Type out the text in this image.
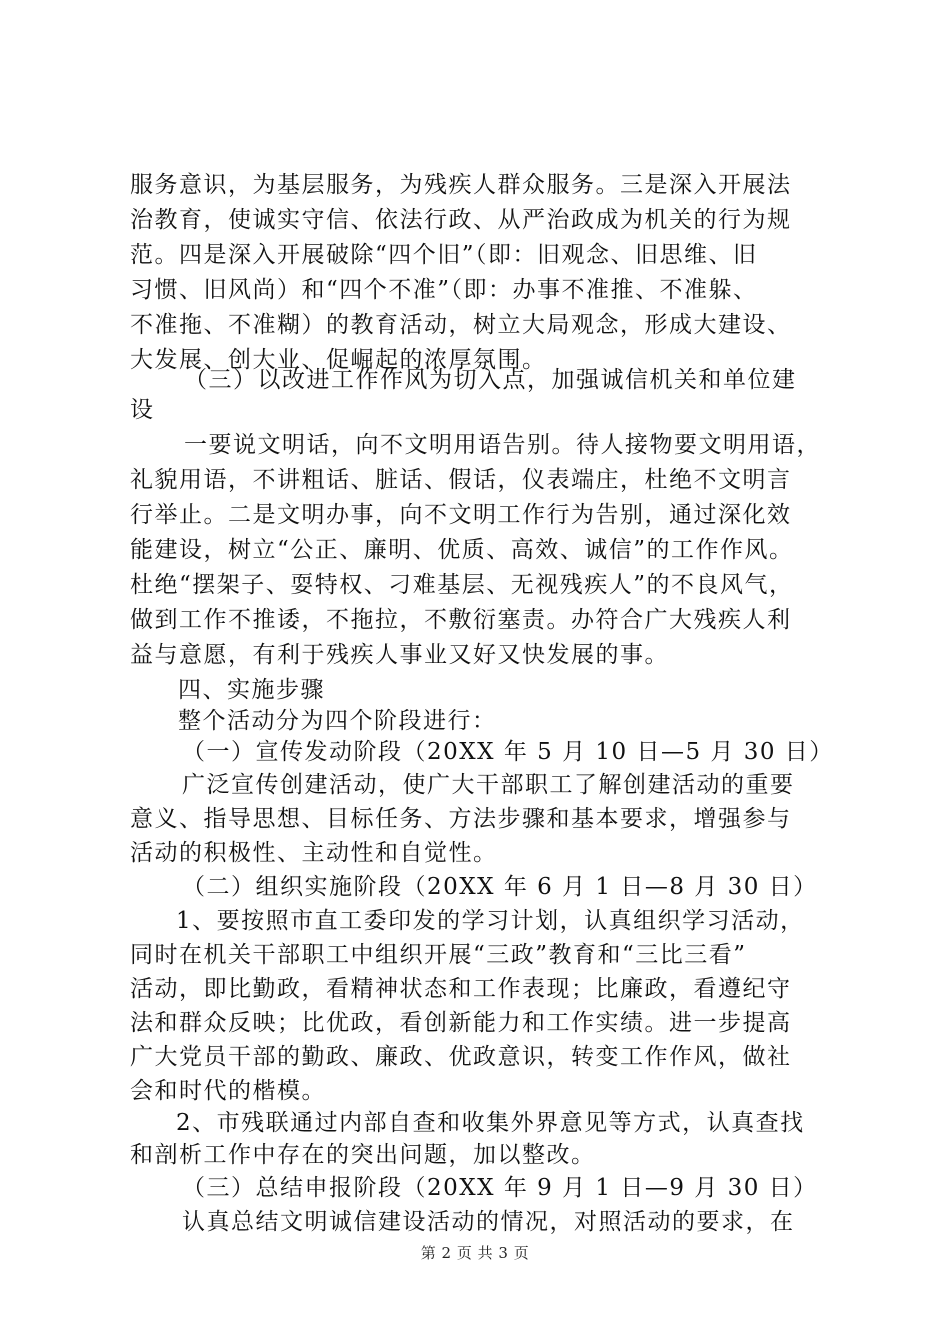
服务意识，为基层服务，为残疾人群众服务。三是深入开展法
治教育，使诚实守信、依法行政、从严治政成为机关的行为规
范。四是深入开展破除“四个旧”（即：旧观念、旧思维、旧
习惯、旧风尚）和“四个不准”（即：办事不准推、不准躲、
不准拖、不准糊）的教育活动，树立大局观念，形成大建设、
大发展、创大业、促崛起的浓厚氛围。
（三）以改进工作作风为切入点，加强诚信机关和单位建
设
一要说文明话，向不文明用语告别。待人接物要文明用语，
礼貌用语，不讲粗话、脏话、假话，仪表端庄，杜绝不文明言
行举止。二是文明办事，向不文明工作行为告别，通过深化效
能建设，树立“公正、廉明、优质、高效、诚信”的工作作风。
杜绝“摆架子、耍特权、刁难基层、无视残疾人”的不良风气，
做到工作不推诿，不拖拉，不敷衍塞责。办符合广大残疾人利
益与意愿，有利于残疾人事业又好又快发展的事。
四、实施步骤
整个活动分为四个阶段进行：
（一）宣传发动阶段（20XX 年 5 月 10 日—5 月 30 日）
广泛宣传创建活动，使广大干部职工了解创建活动的重要
意义、指导思想、目标任务、方法步骤和基本要求，增强参与
活动的积极性、主动性和自觉性。
（二）组织实施阶段（20XX 年 6 月 1 日—8 月 30 日）
1、要按照市直工委印发的学习计划，认真组织学习活动，
同时在机关干部职工中组织开展“三政”教育和“三比三看”
活动，即比勤政，看精神状态和工作表现；比廉政，看遵纪守
法和群众反映；比优政，看创新能力和工作实绩。进一步提高
广大党员干部的勤政、廉政、优政意识，转变工作作风，做社
会和时代的楷模。
2、市残联通过内部自查和收集外界意见等方式，认真查找
和剖析工作中存在的突出问题，加以整改。
（三）总结申报阶段（20XX 年 9 月 1 日—9 月 30 日）
认真总结文明诚信建设活动的情况，对照活动的要求，在
第 2 页 共 3 页
